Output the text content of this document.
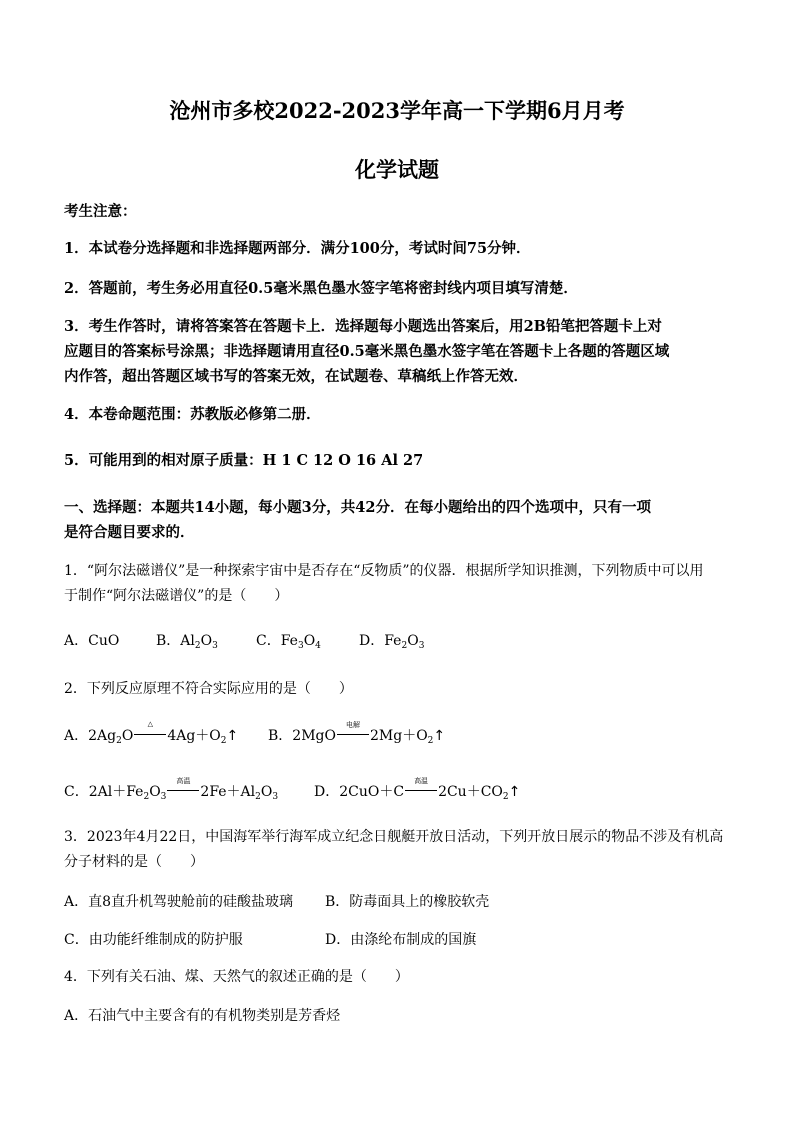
沧州市多校2022-2023学年高一下学期6月月考
化学试题
考生注意：
1．本试卷分选择题和非选择题两部分．满分100分，考试时间75分钟．
2．答题前，考生务必用直径0.5毫米黑色墨水签字笔将密封线内项目填写清楚．
3．考生作答时，请将答案答在答题卡上．选择题每小题选出答案后，用2B铅笔把答题卡上对
应题目的答案标号涂黑；非选择题请用直径0.5毫米黑色墨水签字笔在答题卡上各题的答题区域
内作答，超出答题区域书写的答案无效，在试题卷、草稿纸上作答无效．
4．本卷命题范围：苏教版必修第二册．
5．可能用到的相对原子质量：H 1 C 12 O 16 Al 27
一、选择题：本题共14小题，每小题3分，共42分．在每小题给出的四个选项中，只有一项
是符合题目要求的．
1．“阿尔法磁谱仪”是一种探索宇宙中是否存在“反物质”的仪器．根据所学知识推测，下列物质中可以用
于制作“阿尔法磁谱仪”的是（　　）
A．CuO	B．$Al_2O_3$	C．$Fe_3O_4$	D．$Fe_2O_3$
2．下列反应原理不符合实际应用的是（　　）
A．$2Ag_2O$
△
$4Ag+O_2↑$ B．2MgO
电解
$2Mg+O_2↑$
C．$2Al+Fe_2O_3$
高温
$2Fe+Al_2O_3$	D．2CuO＋C
高温
$2Cu+CO_2↑$
3．2023年4月22日，中国海军举行海军成立纪念日舰艇开放日活动，下列开放日展示的物品不涉及有机高
分子材料的是（　　）
A．直8直升机驾驶舱前的硅酸盐玻璃 B．防毒面具上的橡胶软壳
C．由功能纤维制成的防护服	D．由涤纶布制成的国旗
4．下列有关石油、煤、天然气的叙述正确的是（　　）
A．石油气中主要含有的有机物类别是芳香烃
